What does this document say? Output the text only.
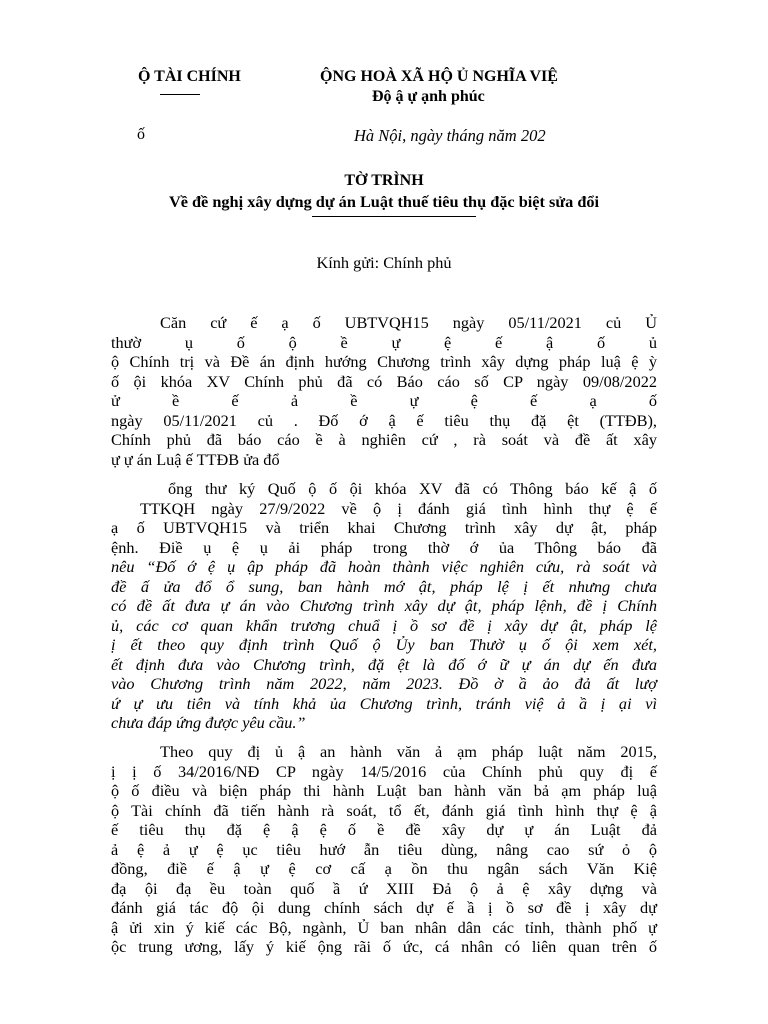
Ộ TÀI CHÍNH	ỘNG HOÀ XÃ HỘ Ủ NGHĨA VIỆ
Độ ậ ự ạnh phúc
ố	Hà Nội, ngày tháng năm 202
TỜ TRÌNH
Về đề nghị xây dựng dự án Luật thuế tiêu thụ đặc biệt sửa đổi
Kính gửi: Chính phủ
Căn cứ ế ạ ố UBTVQH15 ngày 05/11/2021 củ Ủ
thườ ụ ố ộ ề ự ệ ế ậ ố ủ
ộ Chính trị và Đề án định hướng Chương trình xây dựng pháp luậ ệ ỳ
ố ội khóa XV Chính phủ đã có Báo cáo số CP ngày 09/08/2022
ử ề ế ả ề ự ệ ế ạ ố
ngày 05/11/2021 củ . Đố ớ ậ ế tiêu thụ đặ ệt (TTĐB),
Chính phủ đã báo cáo ề à nghiên cứ , rà soát và đề ất xây
ự ự án Luậ ế TTĐB ửa đổ
ổng thư ký Quố ộ ố ội khóa XV đã có Thông báo kế ậ ố
TTKQH ngày 27/9/2022 về ộ ị đánh giá tình hình thự ệ ế
ạ ố UBTVQH15 và triển khai Chương trình xây dự ật, pháp
ệnh. Điề ụ ệ ụ ải pháp trong thờ ớ ủa Thông báo đã
nêu “Đố ớ ệ ụ ập pháp đã hoàn thành việc nghiên cứu, rà soát và
đề ấ ửa đổ ổ sung, ban hành mớ ật, pháp lệ ị ết nhưng chưa
có đề ất đưa ự án vào Chương trình xây dự ật, pháp lệnh, đề ị Chính
ủ, các cơ quan khẩn trương chuẩ ị ồ sơ đề ị xây dự ật, pháp lệ
ị ết theo quy định trình Quố ộ Ủy ban Thườ ụ ố ội xem xét,
ết định đưa vào Chương trình, đặ ệt là đố ớ ữ ự án dự ến đưa
vào Chương trình năm 2022, năm 2023. Đồ ờ ầ ảo đả ất lượ
ứ ự ưu tiên và tính khả ủa Chương trình, tránh việ ả ầ ị ại vì
chưa đáp ứng được yêu cầu.”
Theo quy đị ủ ậ an hành văn ả ạm pháp luật năm 2015,
ị ị ố 34/2016/NĐ CP ngày 14/5/2016 của Chính phủ quy đị ế
ộ ố điều và biện pháp thi hành Luật ban hành văn bả ạm pháp luậ
ộ Tài chính đã tiến hành rà soát, tổ ết, đánh giá tình hình thự ệ ậ
ế tiêu thụ đặ ệ ậ ệ ố ề đề xây dự ự án Luật đả
ả ệ ả ự ệ ục tiêu hướ ẫn tiêu dùng, nâng cao sứ ỏ ộ
đồng, điề ế ậ ự ệ cơ cấ ạ ồn thu ngân sách Văn Kiệ
đạ ội đạ ều toàn quố ầ ứ XIII Đả ộ ả ệ xây dựng và
đánh giá tác độ ội dung chính sách dự ế ầ ị ồ sơ đề ị xây dự
ậ ửi xin ý kiế các Bộ, ngành, Ủ ban nhân dân các tỉnh, thành phố ự
ộc trung ương, lấy ý kiế ộng rãi ố ức, cá nhân có liên quan trên ố
